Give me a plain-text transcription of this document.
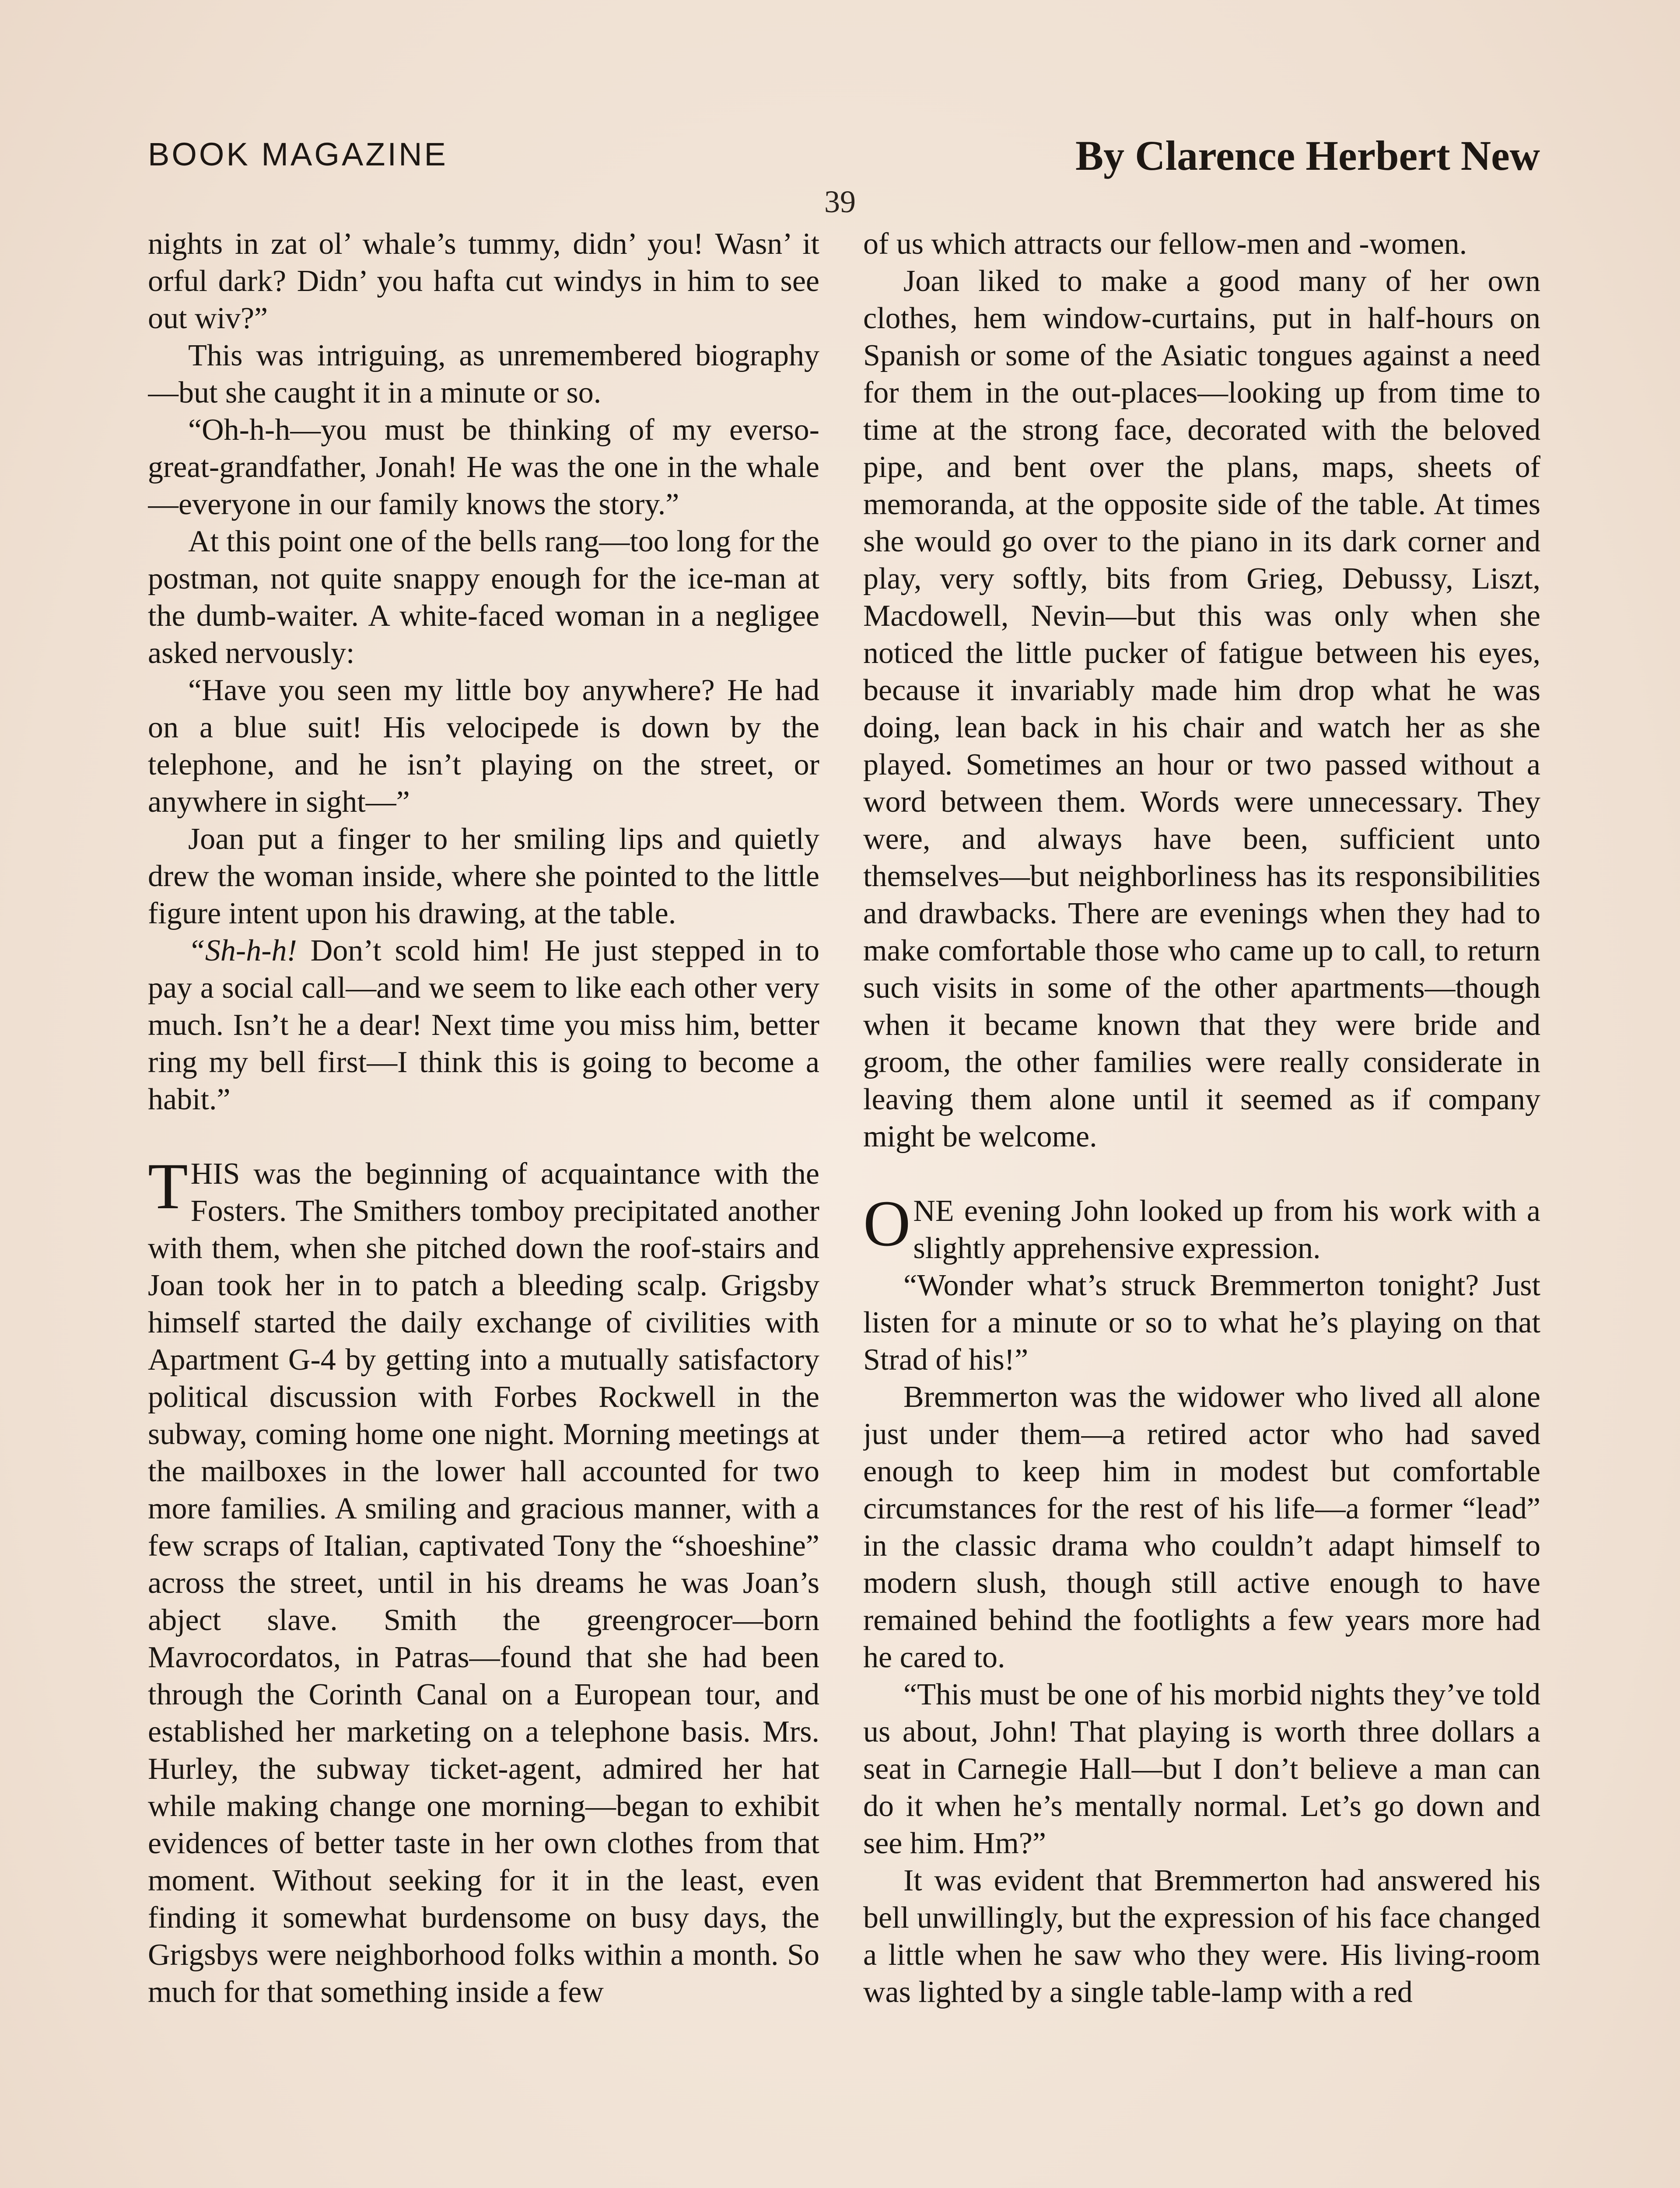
BOOK MAGAZINE	By Clarence Herbert New
39

nights in zat ol’ whale’s tummy, didn’ you! Wasn’ it orful dark? Didn’ you hafta cut windys in him to see out wiv?”

This was intriguing, as unremembered biography—but she caught it in a minute or so.

“Oh-h-h—you must be thinking of my everso-great-grandfather, Jonah! He was the one in the whale—everyone in our family knows the story.”

At this point one of the bells rang—too long for the postman, not quite snappy enough for the ice-man at the dumb-waiter. A white-faced woman in a negligee asked nervously:

“Have you seen my little boy anywhere? He had on a blue suit! His velocipede is down by the telephone, and he isn’t playing on the street, or anywhere in sight—”

Joan put a finger to her smiling lips and quietly drew the woman inside, where she pointed to the little figure intent upon his drawing, at the table.

“Sh-h-h! Don’t scold him! He just stepped in to pay a social call—and we seem to like each other very much. Isn’t he a dear! Next time you miss him, better ring my bell first—I think this is going to become a habit.”

THIS was the beginning of acquaintance with the Fosters. The Smithers tomboy precipitated another with them, when she pitched down the roof-stairs and Joan took her in to patch a bleeding scalp. Grigsby himself started the daily exchange of civilities with Apartment G-4 by getting into a mutually satisfactory political discussion with Forbes Rockwell in the subway, coming home one night. Morning meetings at the mailboxes in the lower hall accounted for two more families. A smiling and gracious manner, with a few scraps of Italian, captivated Tony the “shoeshine” across the street, until in his dreams he was Joan’s abject slave. Smith the greengrocer—born Mavrocordatos, in Patras—found that she had been through the Corinth Canal on a European tour, and established her marketing on a telephone basis. Mrs. Hurley, the subway ticket-agent, admired her hat while making change one morning—began to exhibit evidences of better taste in her own clothes from that moment. Without seeking for it in the least, even finding it somewhat burdensome on busy days, the Grigsbys were neighborhood folks within a month. So much for that something inside a few

of us which attracts our fellow-men and -women.

Joan liked to make a good many of her own clothes, hem window-curtains, put in half-hours on Spanish or some of the Asiatic tongues against a need for them in the out-places—looking up from time to time at the strong face, decorated with the beloved pipe, and bent over the plans, maps, sheets of memoranda, at the opposite side of the table. At times she would go over to the piano in its dark corner and play, very softly, bits from Grieg, Debussy, Liszt, Macdowell, Nevin—but this was only when she noticed the little pucker of fatigue between his eyes, because it invariably made him drop what he was doing, lean back in his chair and watch her as she played. Sometimes an hour or two passed without a word between them. Words were unnecessary. They were, and always have been, sufficient unto themselves—but neighborliness has its responsibilities and drawbacks. There are evenings when they had to make comfortable those who came up to call, to return such visits in some of the other apartments—though when it became known that they were bride and groom, the other families were really considerate in leaving them alone until it seemed as if company might be welcome.

ONE evening John looked up from his work with a slightly apprehensive expression.

“Wonder what’s struck Bremmerton tonight? Just listen for a minute or so to what he’s playing on that Strad of his!”

Bremmerton was the widower who lived all alone just under them—a retired actor who had saved enough to keep him in modest but comfortable circumstances for the rest of his life—a former “lead” in the classic drama who couldn’t adapt himself to modern slush, though still active enough to have remained behind the footlights a few years more had he cared to.

“This must be one of his morbid nights they’ve told us about, John! That playing is worth three dollars a seat in Carnegie Hall—but I don’t believe a man can do it when he’s mentally normal. Let’s go down and see him. Hm?”

It was evident that Bremmerton had answered his bell unwillingly, but the expression of his face changed a little when he saw who they were. His living-room was lighted by a single table-lamp with a red
